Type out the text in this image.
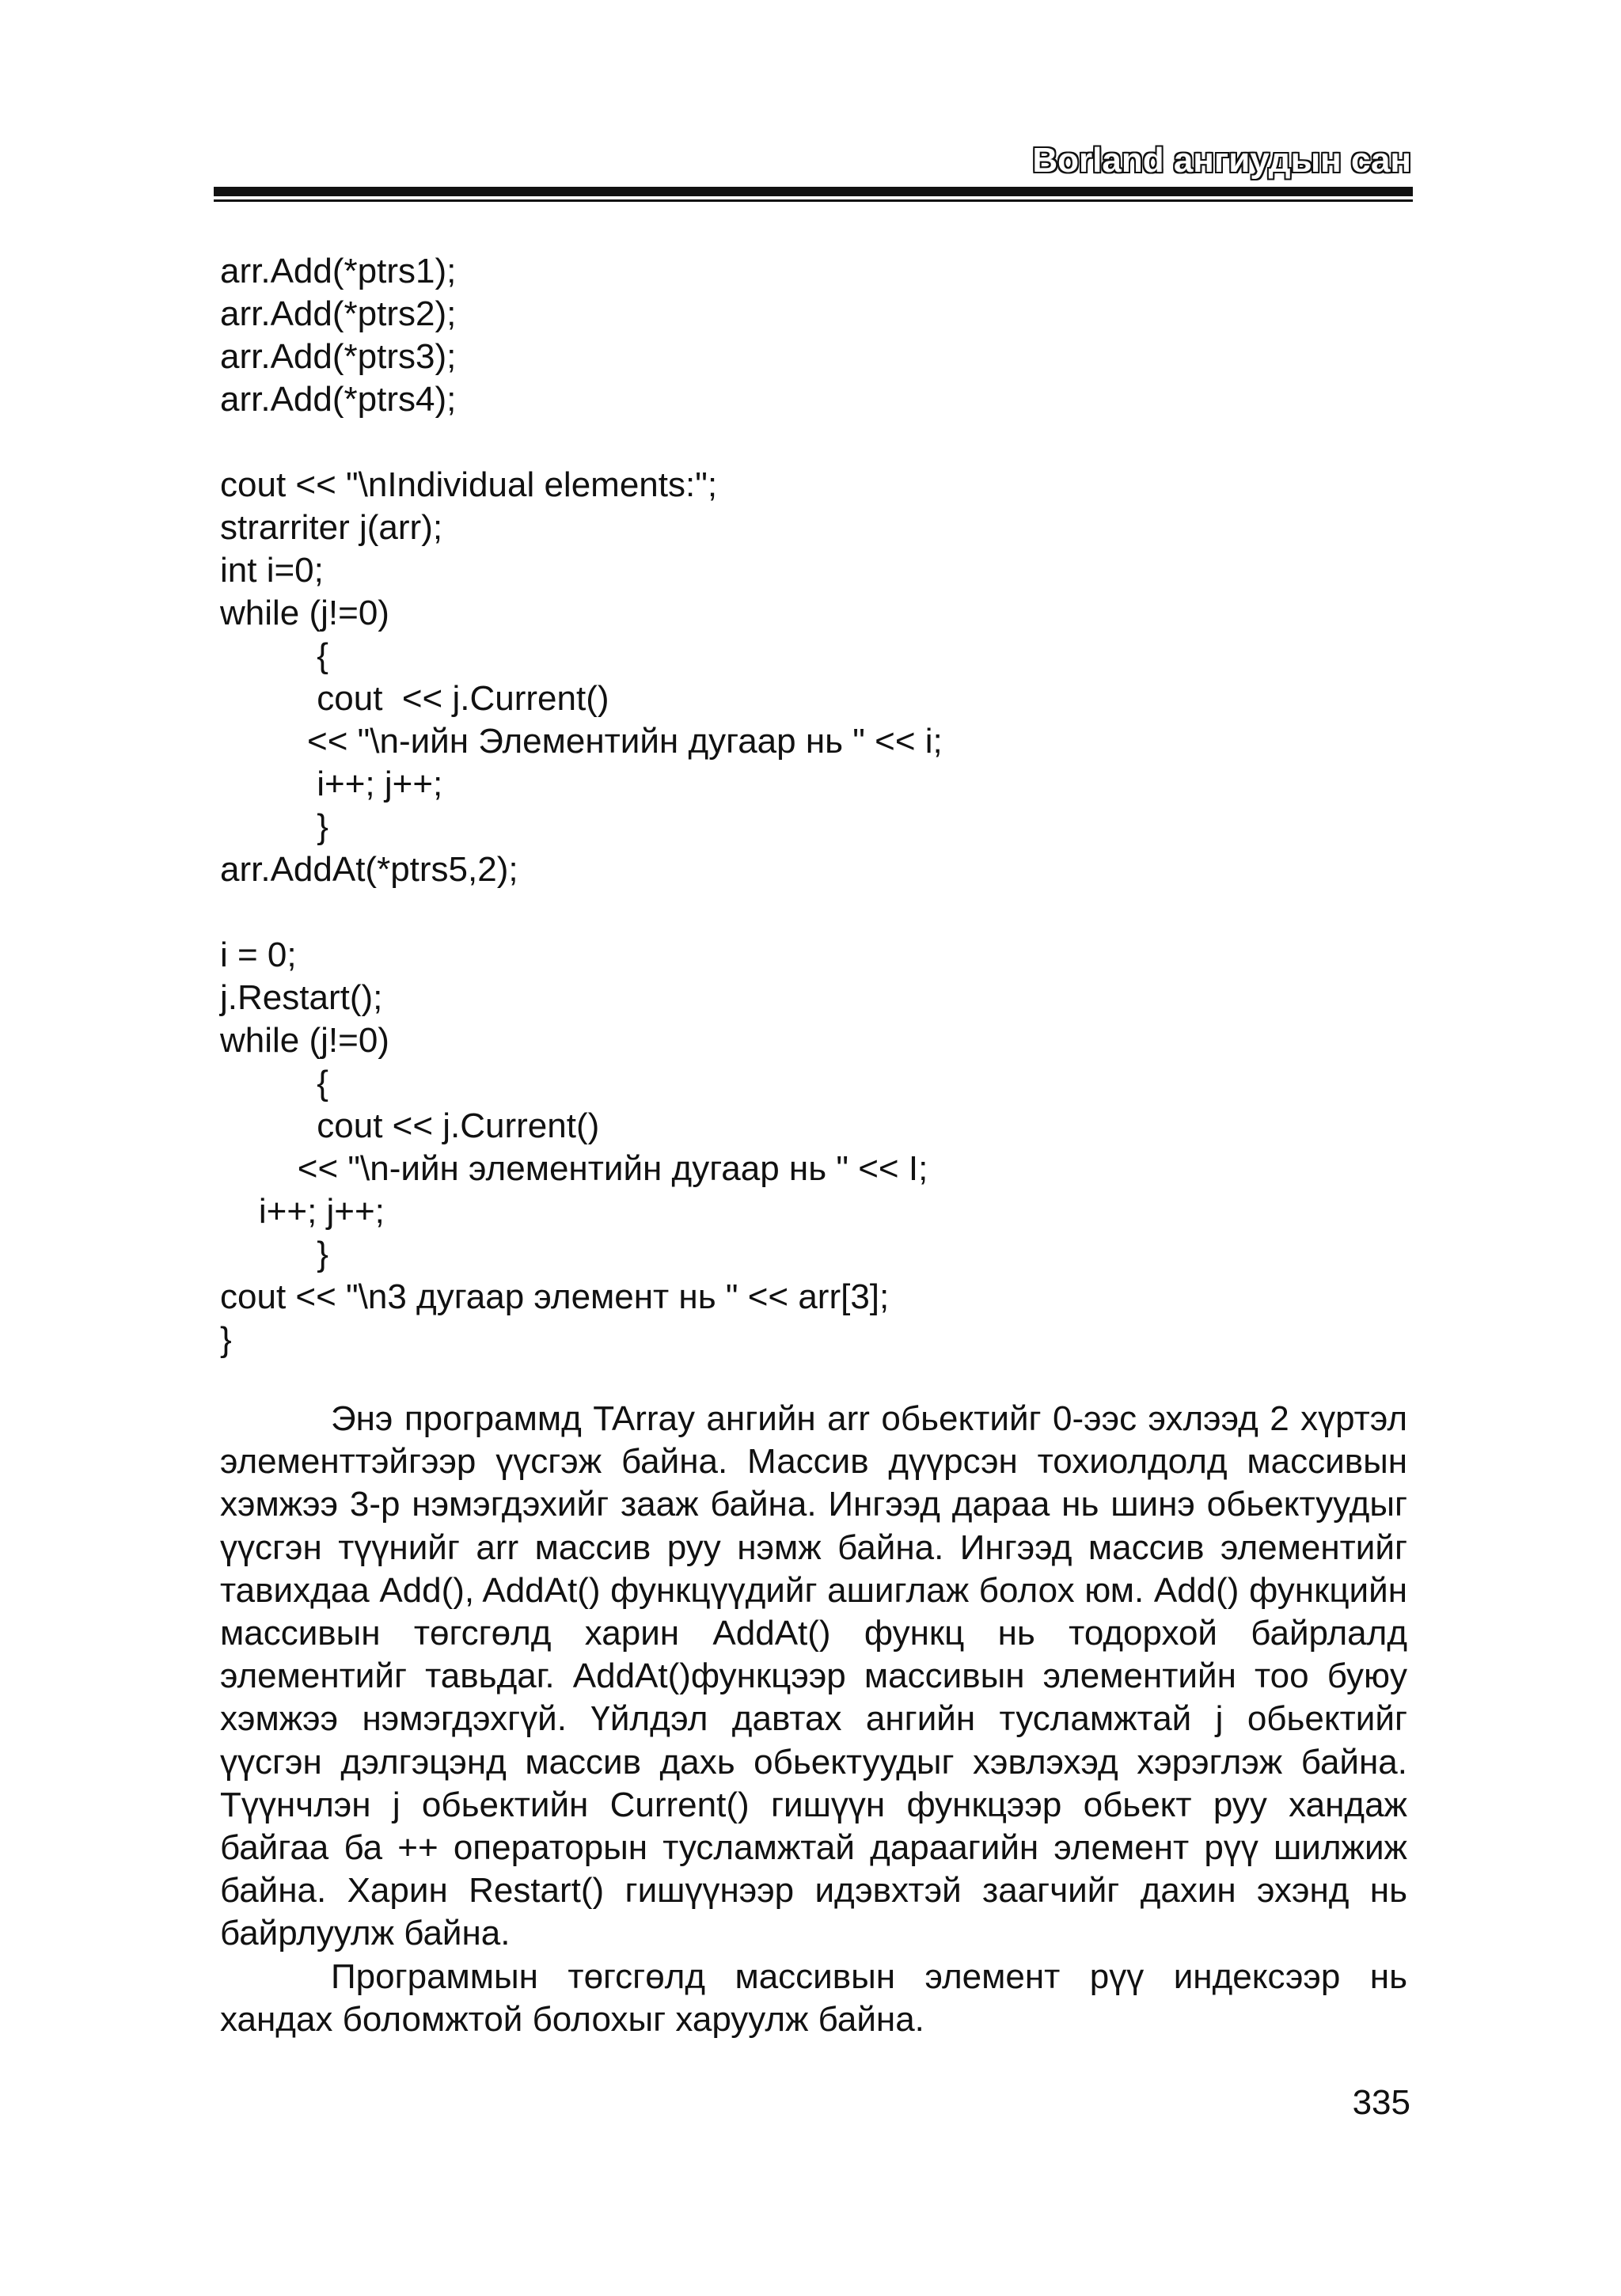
Borland ангиудын сан
arr.Add(*ptrs1);
arr.Add(*ptrs2);
arr.Add(*ptrs3);
arr.Add(*ptrs4);
cout << "\nIndividual elements:";
strarriter j(arr);
int i=0;
while (j!=0)
{
cout  << j.Current()
<< "\n-ийн Элементийн дугаар нь " << i;
i++; j++;
}
arr.AddAt(*ptrs5,2);
i = 0;
j.Restart();
while (j!=0)
{
cout << j.Current()
<< "\n-ийн элементийн дугаар нь " << I;
i++; j++;
}
cout << "\n3 дугаар элемент нь " << arr[3];
}

Энэ программд TArray ангийн arr обьектийг 0-ээс эхлээд 2 хүртэл элементтэйгээр үүсгэж байна. Массив дүүрсэн тохиолдолд массивын хэмжээ 3-р нэмэгдэхийг зааж байна. Ингээд дараа нь шинэ обьектуудыг үүсгэн түүнийг arr массив руу нэмж байна. Ингээд массив элементийг тавихдаа Add(), AddAt() функцүүдийг ашиглаж болох юм. Add() функцийн массивын төгсгөлд харин AddAt() функц нь тодорхой байрлалд элементийг тавьдаг. AddAt()функцээр массивын элементийн тоо буюу хэмжээ нэмэгдэхгүй. Үйлдэл давтах ангийн тусламжтай j обьектийг үүсгэн дэлгэцэнд массив дахь обьектуудыг хэвлэхэд хэрэглэж байна. Түүнчлэн j обьектийн Current() гишүүн функцээр обьект руу хандаж байгаа ба ++ операторын тусламжтай дараагийн элемент рүү шилжиж байна. Харин Restart() гишүүнээр идэвхтэй заагчийг дахин эхэнд нь байрлуулж байна.

Программын төгсгөлд массивын элемент рүү индексээр нь хандах боломжтой болохыг харуулж байна.

335
